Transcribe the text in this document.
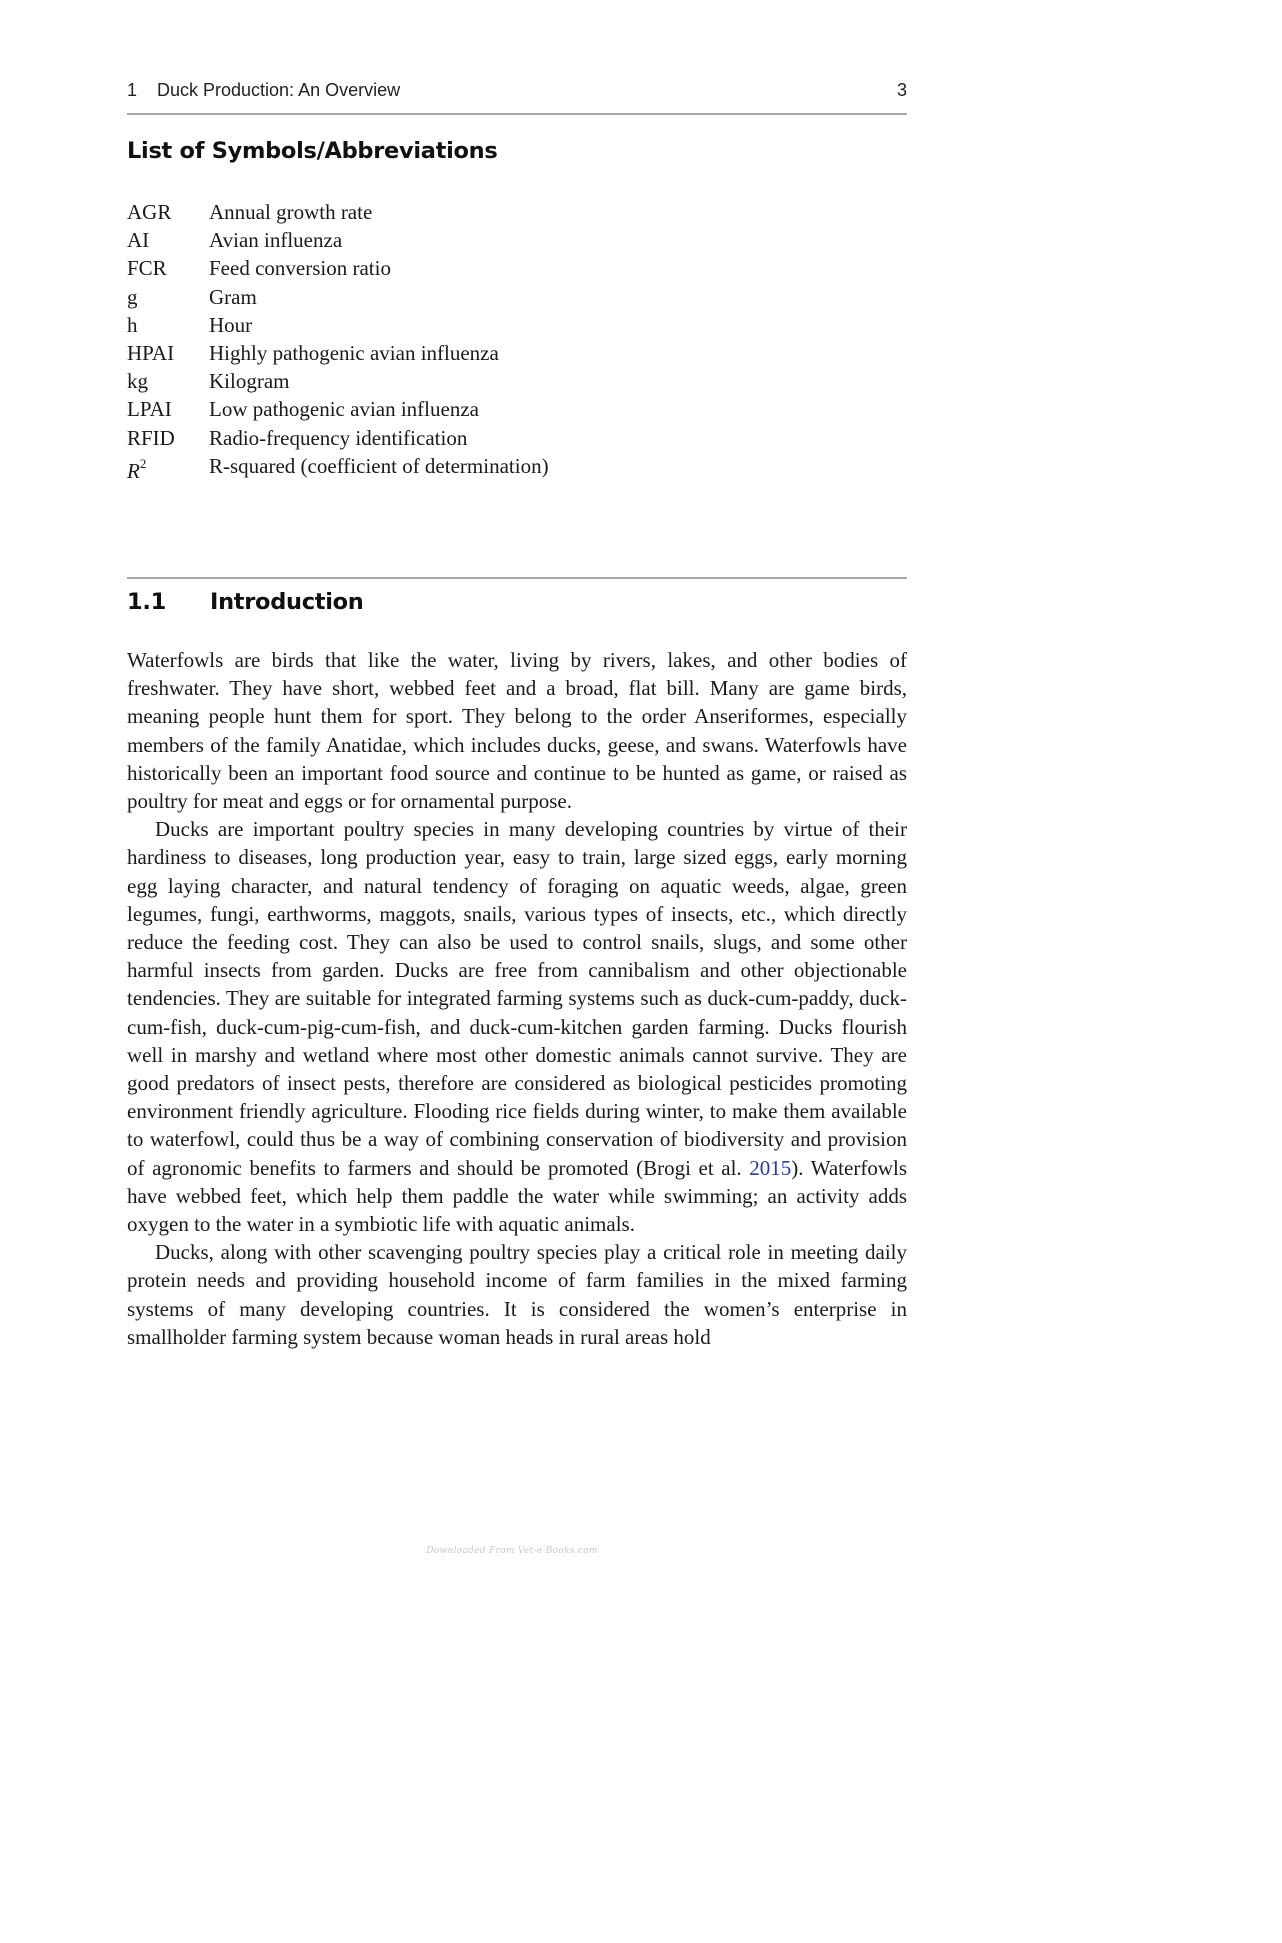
1 Duck Production: An Overview	3
List of Symbols/Abbreviations
AGR Annual growth rate
AI	Avian influenza
FCR Feed conversion ratio
g	Gram
h	Hour
HPAI Highly pathogenic avian influenza
kg	Kilogram
LPAI Low pathogenic avian influenza
RFID Radio-frequency identification
$R^2$	R-squared (coefficient of determination)
1.1 Introduction

Waterfowls are birds that like the water, living by rivers, lakes, and other bodies of freshwater. They have short, webbed feet and a broad, flat bill. Many are game birds, meaning people hunt them for sport. They belong to the order Anseriformes, especially members of the family Anatidae, which includes ducks, geese, and swans. Waterfowls have historically been an important food source and continue to be hunted as game, or raised as poultry for meat and eggs or for ornamental purpose.

Ducks are important poultry species in many developing countries by virtue of their hardiness to diseases, long production year, easy to train, large sized eggs, early morning egg laying character, and natural tendency of foraging on aquatic weeds, algae, green legumes, fungi, earthworms, maggots, snails, various types of insects, etc., which directly reduce the feeding cost. They can also be used to control snails, slugs, and some other harmful insects from garden. Ducks are free from cannibalism and other objectionable tendencies. They are suitable for integrated farming systems such as duck-cum-paddy, duck-cum-fish, duck-cum-pig-cum-fish, and duck-cum-kitchen garden farming. Ducks flourish well in marshy and wetland where most other domestic animals cannot survive. They are good predators of insect pests, therefore are considered as biological pesticides promoting environment friendly agriculture. Flooding rice fields during winter, to make them available to waterfowl, could thus be a way of combining conservation of biodiversity and provision of agronomic benefits to farmers and should be promoted (Brogi et al. 2015). Waterfowls have webbed feet, which help them paddle the water while swimming; an activity adds oxygen to the water in a symbiotic life with aquatic animals.

Ducks, along with other scavenging poultry species play a critical role in meeting daily protein needs and providing household income of farm families in the mixed farming systems of many developing countries. It is considered the women’s enterprise in smallholder farming system because woman heads in rural areas hold

Downloaded From Vet-e-Books.com
